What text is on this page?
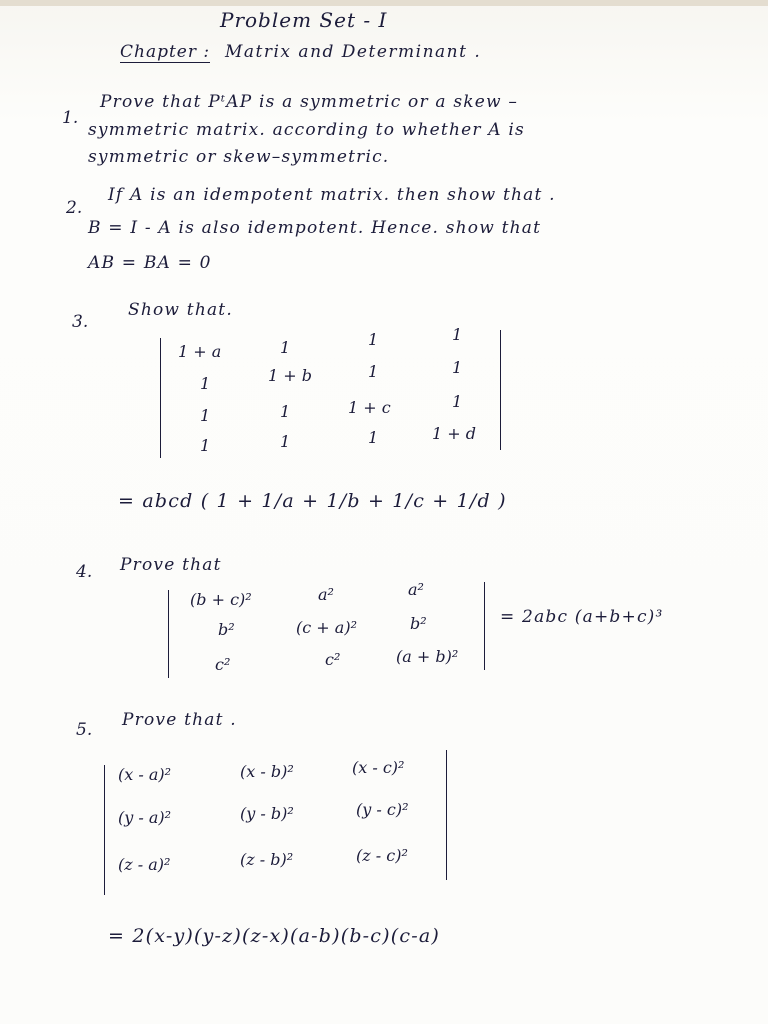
Problem Set - I
Chapter : Matrix and Determinant .
1.
Prove that PᵗAP is a symmetric or a skew –
symmetric matrix. according to whether A is
symmetric or skew–symmetric.
2.
If A is an idempotent matrix. then show that .
B = I - A is also idempotent. Hence. show that
AB = BA = 0
3.
Show that.
1 + a	1	1	1
1	1 + b	1	1
1	1	1 + c	1
1	1	1	1 + d
= abcd ( 1 + 1/a + 1/b + 1/c + 1/d )
4. Prove that
(b + c)²	a²	a²
b²	(c + a)²	b²
c²	c²	(a + b)²
= 2abc (a+b+c)³
5. Prove that .
(x - a)²	(x - b)²	(x - c)²
(y - a)²	(y - b)²	(y - c)²
(z - a)²	(z - b)²	(z - c)²
= 2(x-y)(y-z)(z-x)(a-b)(b-c)(c-a)
